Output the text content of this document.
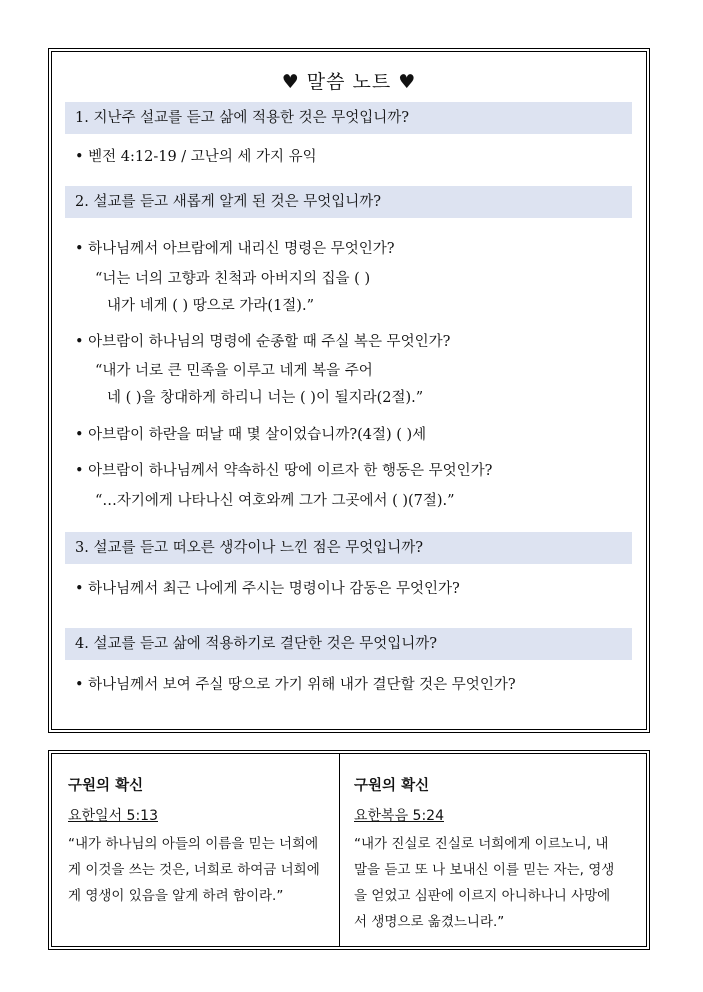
♥ 말씀 노트 ♥
1. 지난주 설교를 듣고 삶에 적용한 것은 무엇입니까?
• 벧전 4:12-19 / 고난의 세 가지 유익
2. 설교를 듣고 새롭게 알게 된 것은 무엇입니까?
• 하나님께서 아브람에게 내리신 명령은 무엇인가?
“너는 너의 고향과 친척과 아버지의 집을 ( )
내가 네게 ( ) 땅으로 가라(1절).”
• 아브람이 하나님의 명령에 순종할 때 주실 복은 무엇인가?
“내가 너로 큰 민족을 이루고 네게 복을 주어
네 ( )을 창대하게 하리니 너는 ( )이 될지라(2절).”
• 아브람이 하란을 떠날 때 몇 살이었습니까?(4절) ( )세
• 아브람이 하나님께서 약속하신 땅에 이르자 한 행동은 무엇인가?
“…자기에게 나타나신 여호와께 그가 그곳에서 ( )(7절).”
3. 설교를 듣고 떠오른 생각이나 느낀 점은 무엇입니까?
• 하나님께서 최근 나에게 주시는 명령이나 감동은 무엇인가?
4. 설교를 듣고 삶에 적용하기로 결단한 것은 무엇입니까?
• 하나님께서 보여 주실 땅으로 가기 위해 내가 결단할 것은 무엇인가?
구원의 확신
요한일서 5:13
“내가 하나님의 아들의 이름을 믿는 너희에게 이것을 쓰는 것은, 너희로 하여금 너희에게 영생이 있음을 알게 하려 함이라.”
구원의 확신
요한복음 5:24
“내가 진실로 진실로 너희에게 이르노니, 내 말을 듣고 또 나 보내신 이를 믿는 자는, 영생을 얻었고 심판에 이르지 아니하나니 사망에서 생명으로 옮겼느니라.”
